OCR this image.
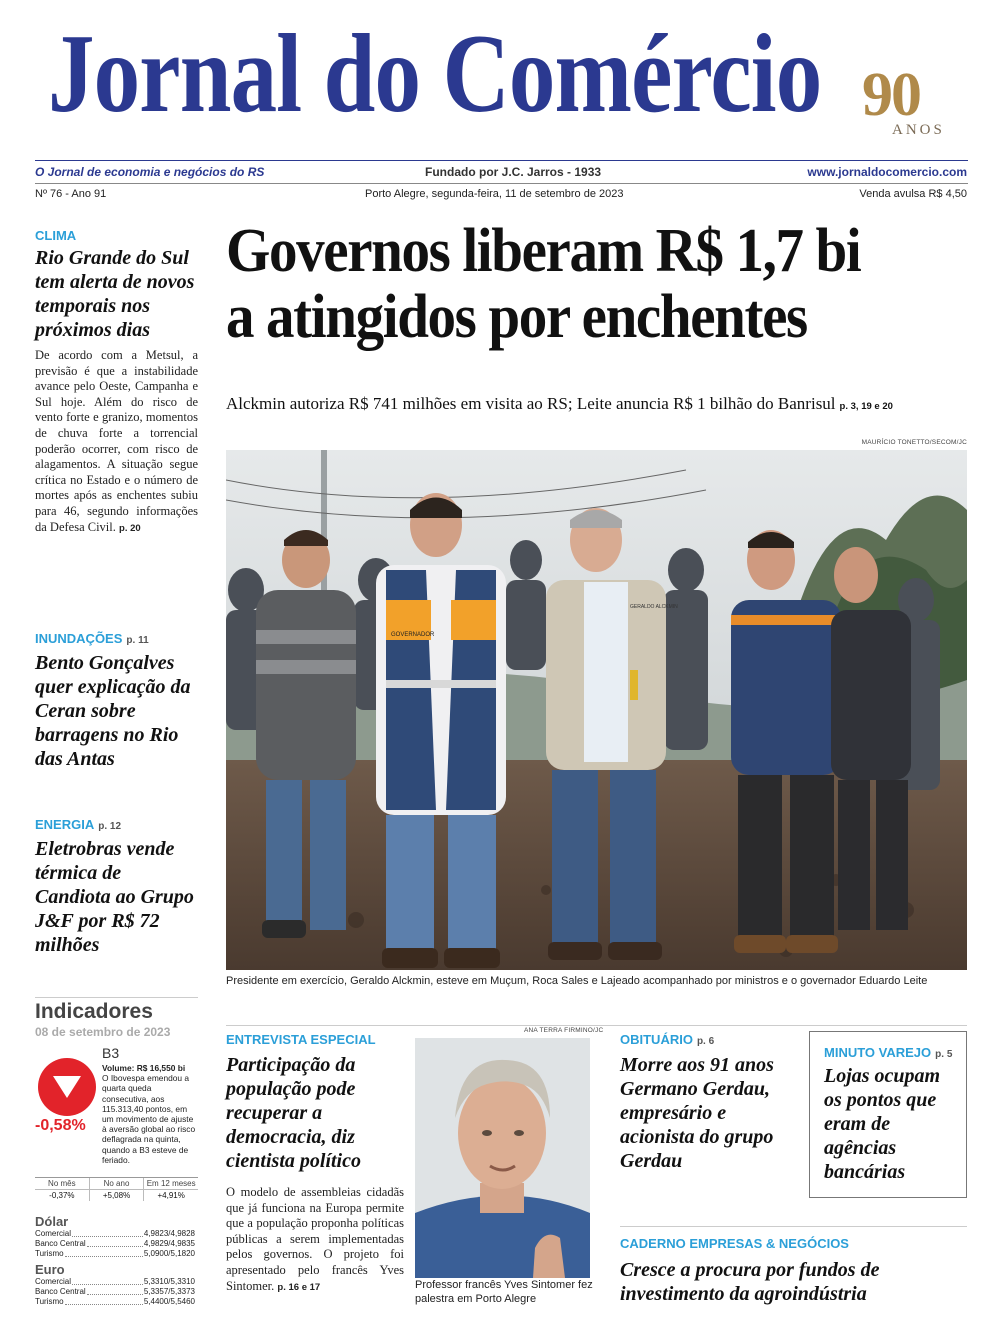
Jornal do Comércio 90
ANOS
O Jornal de economia e negócios do RS	Fundado por J.C. Jarros - 1933	www.jornaldocomercio.com
Nº 76 - Ano 91	Porto Alegre, segunda-feira, 11 de setembro de 2023	Venda avulsa R$ 4,50
CLIMA
Rio Grande do Sul tem alerta de novos temporais nos próximos dias
De acordo com a Metsul, a previsão é que a instabilidade avance pelo Oeste, Campanha e Sul hoje. Além do risco de vento forte e granizo, momentos de chuva forte a torrencial poderão ocorrer, com risco de alagamentos. A situação segue crítica no Estado e o número de mortes após as enchentes subiu para 46, segundo informações da Defesa Civil. p. 20
INUNDAÇÕES p. 11
Bento Gonçalves quer explicação da Ceran sobre barragens no Rio das Antas
ENERGIA p. 12
Eletrobras vende térmica de Candiota ao Grupo J&F por R$ 72 milhões
Governos liberam R$ 1,7 bi
a atingidos por enchentes
Alckmin autoriza R$ 741 milhões em visita ao RS; Leite anuncia R$ 1 bilhão do Banrisul p. 3, 19 e 20
MAURÍCIO TONETTO/SECOM/JC
GOVERNADOR
GERALDO ALCKMIN
Presidente em exercício, Geraldo Alckmin, esteve em Muçum, Roca Sales e Lajeado acompanhado por ministros e o governador Eduardo Leite
Indicadores
08 de setembro de 2023
B3
-0,58%
Volume: R$ 16,550 bi
O Ibovespa emendou a quarta queda consecutiva, aos 115.313,40 pontos, em um movimento de ajuste à aversão global ao risco deflagrada na quinta, quando a B3 esteve de feriado.
No mês	No ano	Em 12 meses
-0,37%	+5,08%	+4,91%
Dólar
Comercial	4,9823/4,9828
Banco Central	4,9829/4,9835
Turismo	5,0900/5,1820
Euro
Comercial	5,3310/5,3310
Banco Central	5,3357/5,3373
Turismo	5,4400/5,5460
ENTREVISTA ESPECIAL
Participação da população pode recuperar a democracia, diz cientista político
O modelo de assembleias cidadãs que já funciona na Europa permite que a população proponha políticas públicas a serem implementadas pelos governos. O projeto foi apresentado pelo francês Yves Sintomer. p. 16 e 17
ANA TERRA FIRMINO/JC
Professor francês Yves Sintomer fez palestra em Porto Alegre
OBITUÁRIO p. 6
Morre aos 91 anos Germano Gerdau, empresário e acionista do grupo Gerdau
MINUTO VAREJO p. 5
Lojas ocupam os pontos que eram de agências bancárias
CADERNO EMPRESAS & NEGÓCIOS
Cresce a procura por fundos de investimento da agroindústria
